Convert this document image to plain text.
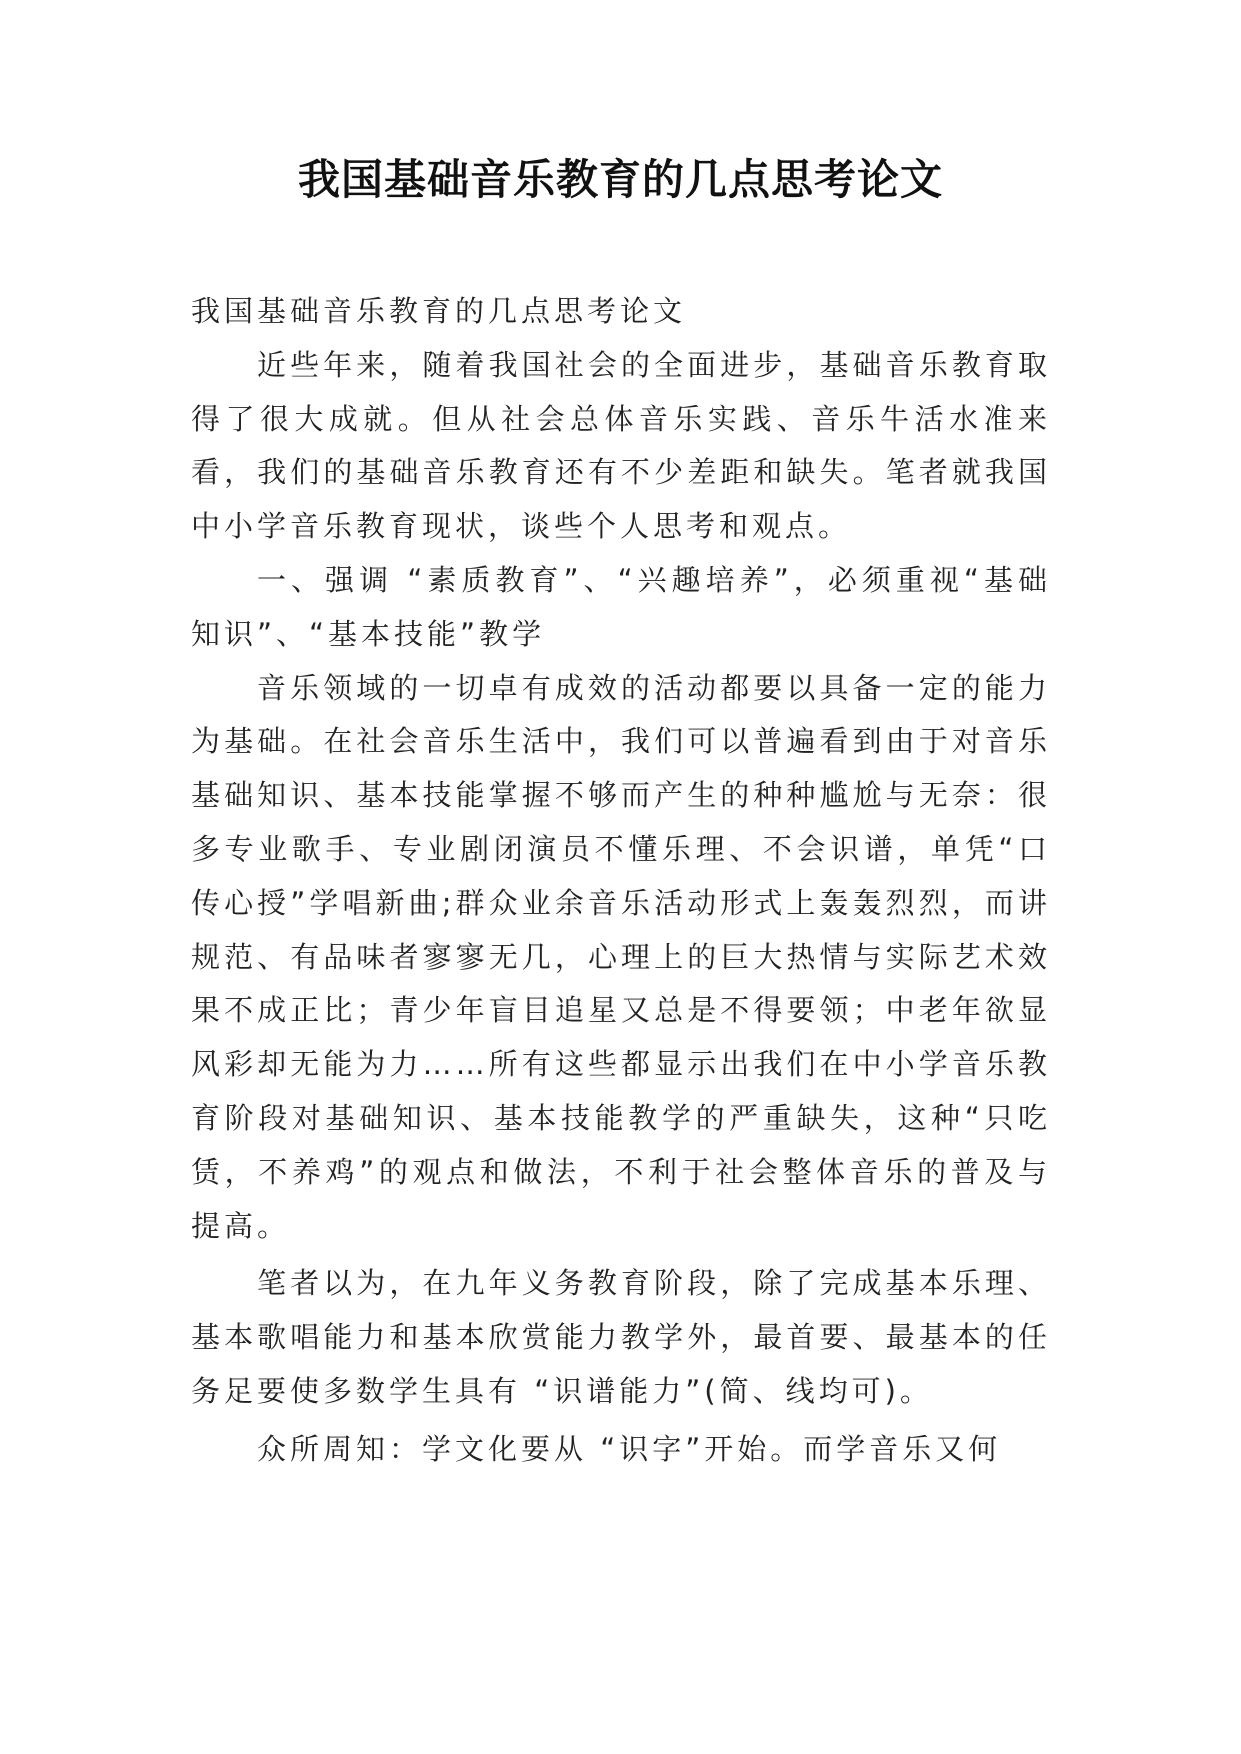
我国基础音乐教育的几点思考论文

我国基础音乐教育的几点思考论文

近些年来，随着我国社会的全面进步，基础音乐教育取得了很大成就。但从社会总体音乐实践、音乐牛活水准来看，我们的基础音乐教育还有不少差距和缺失。笔者就我国中小学音乐教育现状，谈些个人思考和观点。

一、强调 “素质教育”、“兴趣培养”，必须重视“基础知识”、“基本技能”教学

音乐领域的一切卓有成效的活动都要以具备一定的能力为基础。在社会音乐生活中，我们可以普遍看到由于对音乐基础知识、基本技能掌握不够而产生的种种尴尬与无奈：很多专业歌手、专业剧闭演员不懂乐理、不会识谱，单凭“口传心授”学唱新曲;群众业余音乐活动形式上轰轰烈烈，而讲规范、有品味者寥寥无几，心理上的巨大热情与实际艺术效果不成正比；青少年盲目追星又总是不得要领；中老年欲显风彩却无能为力……所有这些都显示出我们在中小学音乐教育阶段对基础知识、基本技能教学的严重缺失，这种“只吃赁，不养鸡”的观点和做法，不利于社会整体音乐的普及与提高。

笔者以为，在九年义务教育阶段，除了完成基本乐理、基本歌唱能力和基本欣赏能力教学外，最首要、最基本的任务足要使多数学生具有 “识谱能力”(简、线均可)。

众所周知：学文化要从 “识字”开始。而学音乐又何
